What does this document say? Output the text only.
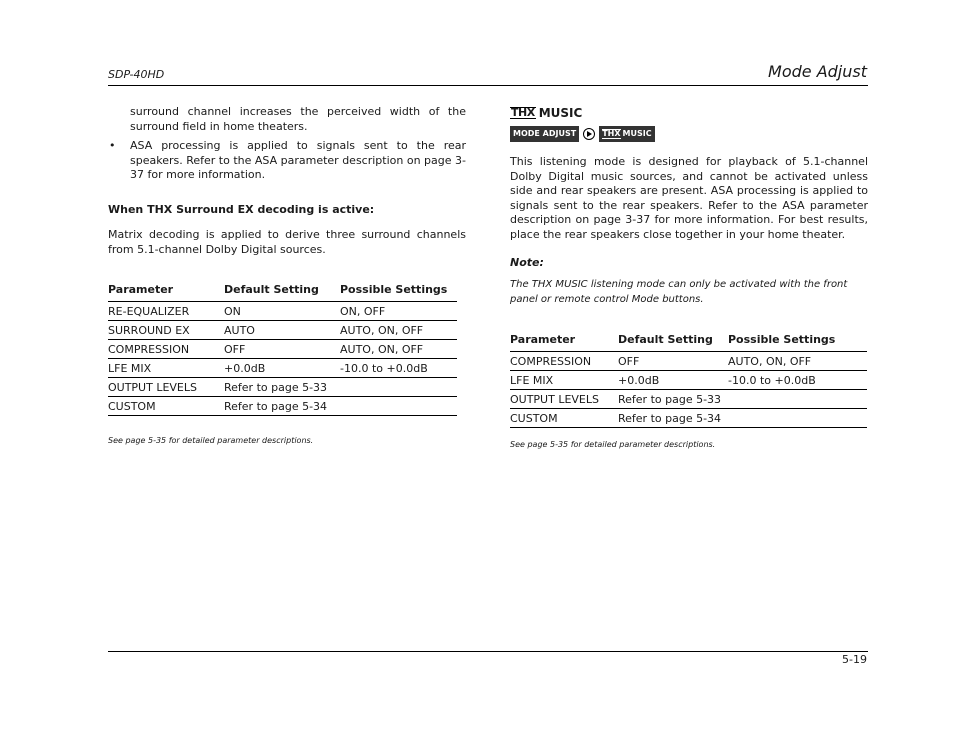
SDP-40HD	Mode Adjust
surround channel increases the perceived width of the surround field in home theaters.
• ASA processing is applied to signals sent to the rear speakers. Refer to the ASA parameter description on page 3-37 for more information.
When THX Surround EX decoding is active:
Matrix decoding is applied to derive three surround channels from 5.1-channel Dolby Digital sources.
Parameter	Default Setting	Possible Settings
RE-EQUALIZER	ON	ON, OFF
SURROUND EX	AUTO	AUTO, ON, OFF
COMPRESSION	OFF	AUTO, ON, OFF
LFE MIX	+0.0dB	-10.0 to +0.0dB
OUTPUT LEVELS	Refer to page 5-33	
CUSTOM	Refer to page 5-34	
See page 5-35 for detailed parameter descriptions.
THX MUSIC
MODE ADJUST	THX MUSIC
This listening mode is designed for playback of 5.1-channel Dolby Digital music sources, and cannot be activated unless side and rear speakers are present. ASA processing is applied to signals sent to the rear speakers. Refer to the ASA parameter description on page 3-37 for more information. For best results, place the rear speakers close together in your home theater.
Note:
The THX MUSIC listening mode can only be activated with the front panel or remote control Mode buttons.
Parameter	Default Setting	Possible Settings
COMPRESSION	OFF	AUTO, ON, OFF
LFE MIX	+0.0dB	-10.0 to +0.0dB
OUTPUT LEVELS	Refer to page 5-33	
CUSTOM	Refer to page 5-34	
See page 5-35 for detailed parameter descriptions.
5-19
